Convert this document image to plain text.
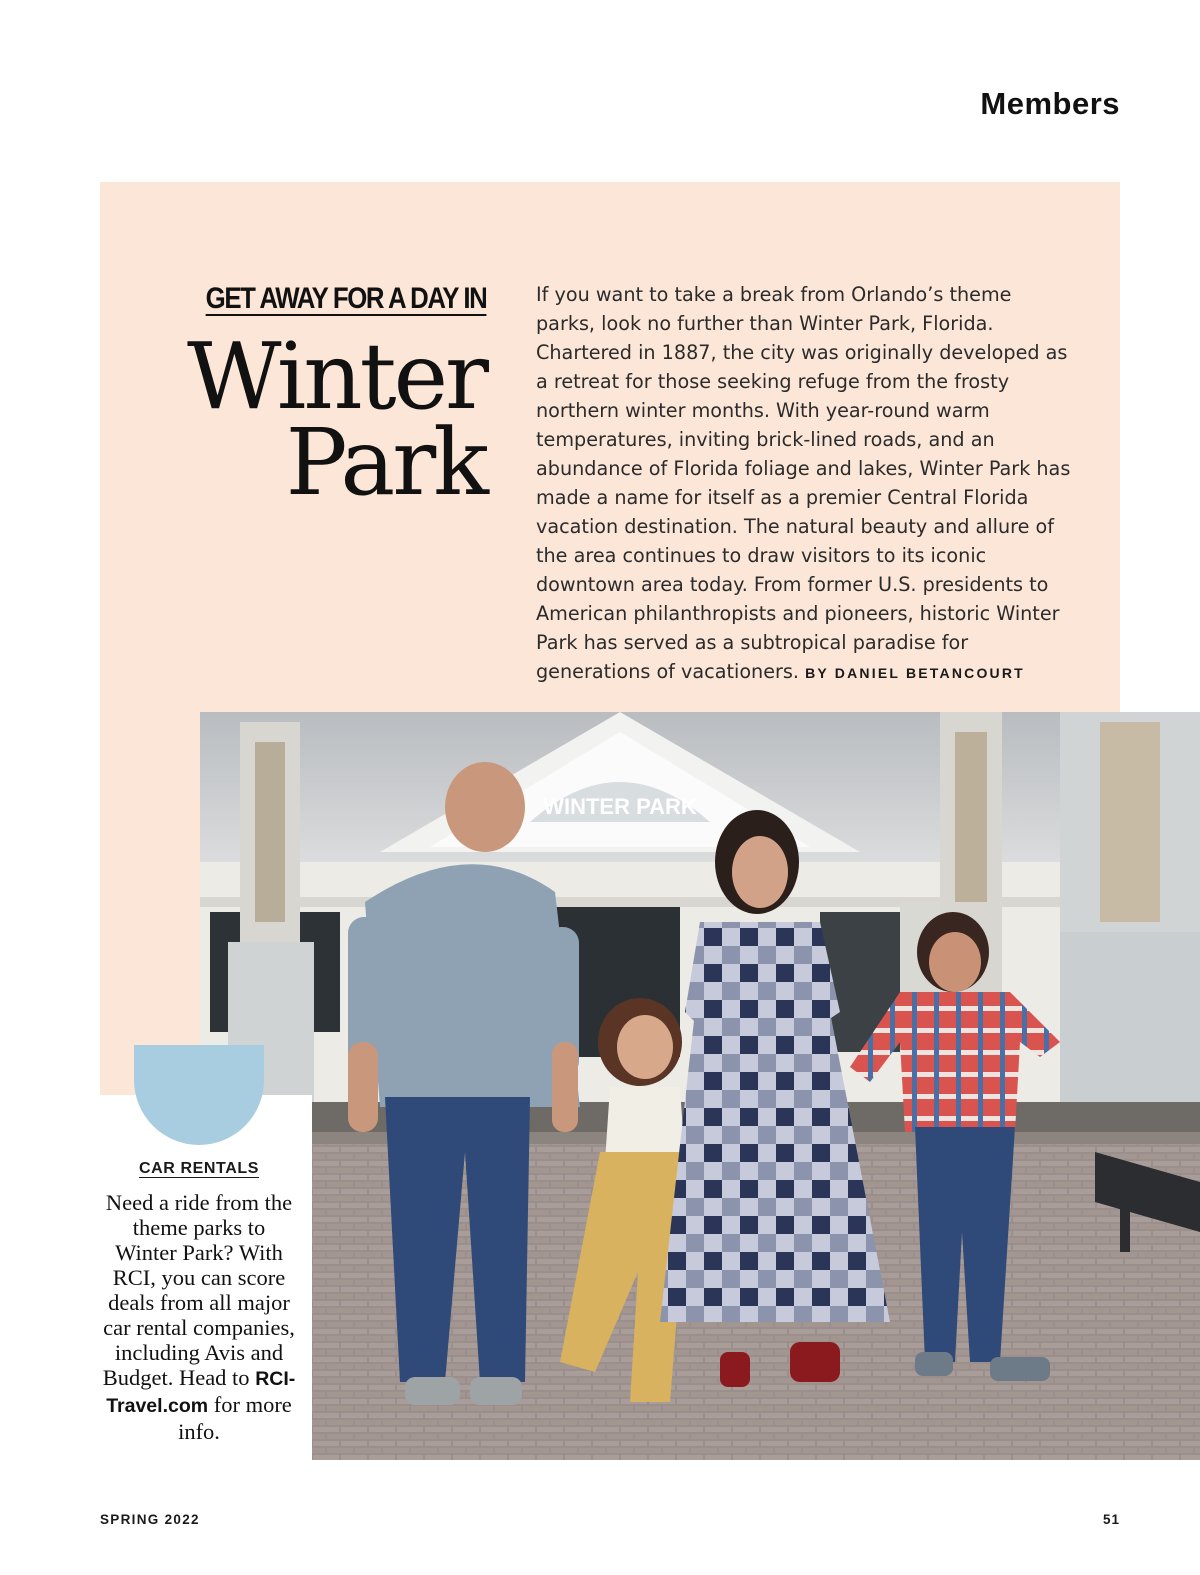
Members
GET AWAY FOR A DAY IN
Winter
Park
If you want to take a break from Orlando’s theme parks, look no further than Winter Park, Florida. Chartered in 1887, the city was originally developed as a retreat for those seeking refuge from the frosty northern winter months. With year-round warm temperatures, inviting brick-lined roads, and an abundance of Florida foliage and lakes, Winter Park has made a name for itself as a premier Central Florida vacation destination. The natural beauty and allure of the area continues to draw visitors to its iconic downtown area today. From former U.S. presidents to American philanthropists and pioneers, historic Winter Park has served as a subtropical paradise for generations of vacationers. BY DANIEL BETANCOURT
WINTER PARK
CAR RENTALS
Need a ride from the theme parks to Winter Park? With RCI, you can score deals from all major car rental companies, including Avis and Budget. Head to RCI-Travel.com for more info.
SPRING 2022	51
